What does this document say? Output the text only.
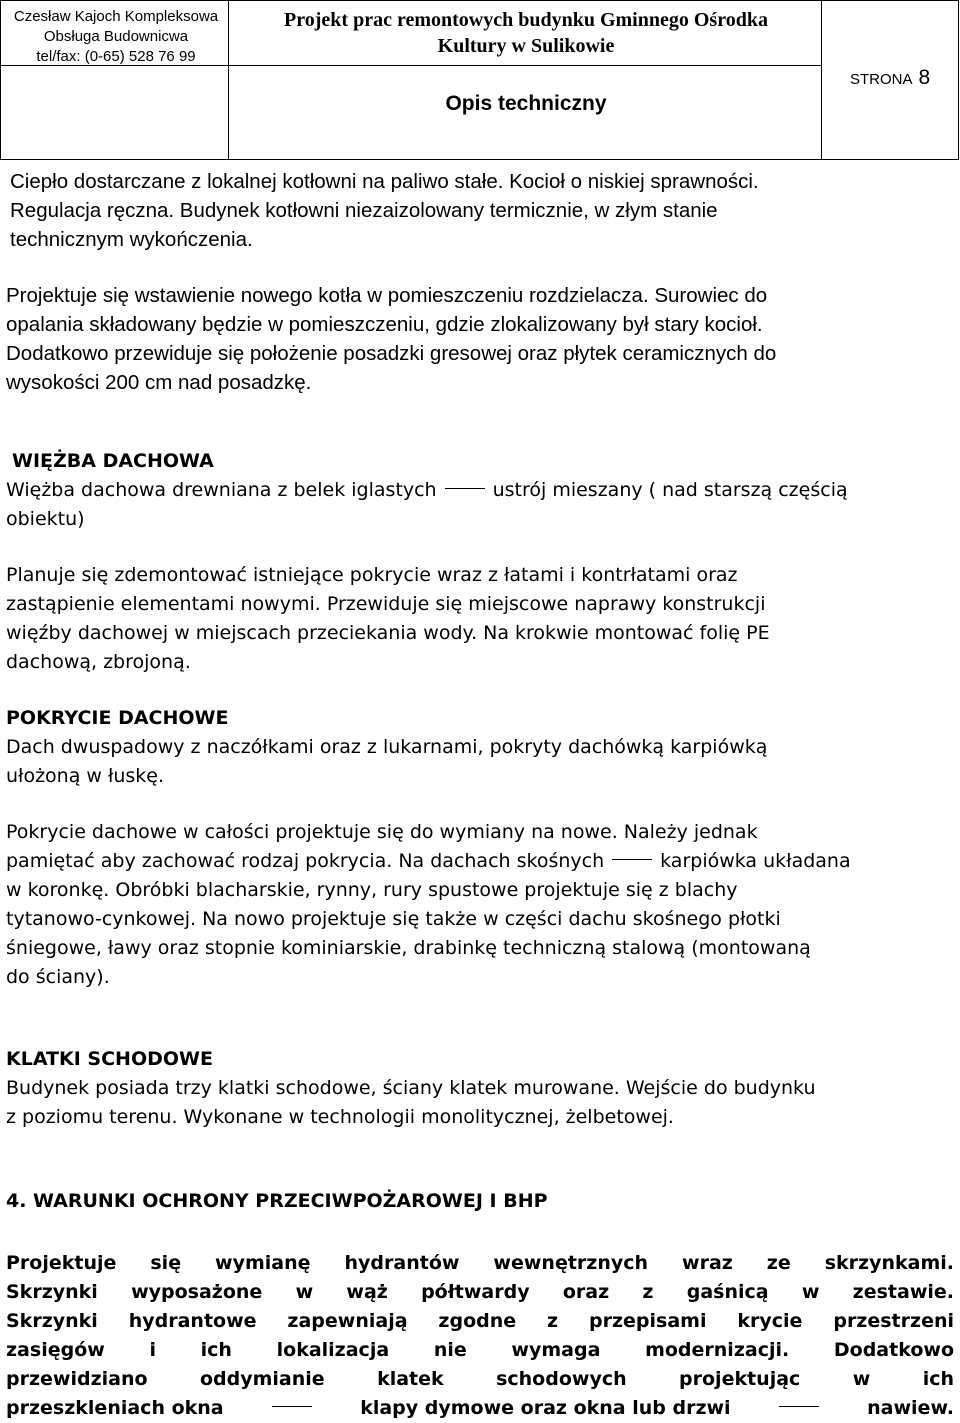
Czesław Kajoch Kompleksowa
Obsługa Budownicwa
tel/fax: (0-65) 528 76 99
Projekt prac remontowych budynku Gminnego Ośrodka
Kultury w Sulikowie
Opis techniczny
STRONA 8
Ciepło dostarczane z lokalnej kotłowni na paliwo stałe. Kocioł o niskiej sprawności.
Regulacja ręczna. Budynek kotłowni niezaizolowany termicznie, w złym stanie
technicznym wykończenia.
Projektuje się wstawienie nowego kotła w pomieszczeniu rozdzielacza. Surowiec do
opalania składowany będzie w pomieszczeniu, gdzie zlokalizowany był stary kocioł.
Dodatkowo przewiduje się położenie posadzki gresowej oraz płytek ceramicznych do
wysokości 200 cm nad posadzkę.
WIĘŻBA DACHOWA
Więżba dachowa drewniana z belek iglastych	ustrój mieszany ( nad starszą częścią
obiektu)
Planuje się zdemontować istniejące pokrycie wraz z łatami i kontrłatami oraz
zastąpienie elementami nowymi. Przewiduje się miejscowe naprawy konstrukcji
więźby dachowej w miejscach przeciekania wody. Na krokwie montować folię PE
dachową, zbrojoną.
POKRYCIE DACHOWE
Dach dwuspadowy z naczółkami oraz z lukarnami, pokryty dachówką karpiówką
ułożoną w łuskę.
Pokrycie dachowe w całości projektuje się do wymiany na nowe. Należy jednak
pamiętać aby zachować rodzaj pokrycia. Na dachach skośnych	karpiówka układana
w koronkę. Obróbki blacharskie, rynny, rury spustowe projektuje się z blachy
tytanowo-cynkowej. Na nowo projektuje się także w części dachu skośnego płotki
śniegowe, ławy oraz stopnie kominiarskie, drabinkę techniczną stalową (montowaną
do ściany).
KLATKI SCHODOWE
Budynek posiada trzy klatki schodowe, ściany klatek murowane. Wejście do budynku
z poziomu terenu. Wykonane w technologii monolitycznej, żelbetowej.
4. WARUNKI OCHRONY PRZECIWPOŻAROWEJ I BHP
Projektuje się wymianę hydrantów wewnętrznych wraz ze skrzynkami.
Skrzynki wyposażone w wąż półtwardy oraz z gaśnicą w zestawie.
Skrzynki hydrantowe zapewniają zgodne z przepisami krycie przestrzeni
zasięgów i ich lokalizacja nie wymaga modernizacji. Dodatkowo
przewidziano oddymianie klatek schodowych projektując w ich
przeszkleniach okna	klapy dymowe oraz okna lub drzwi	nawiew.
